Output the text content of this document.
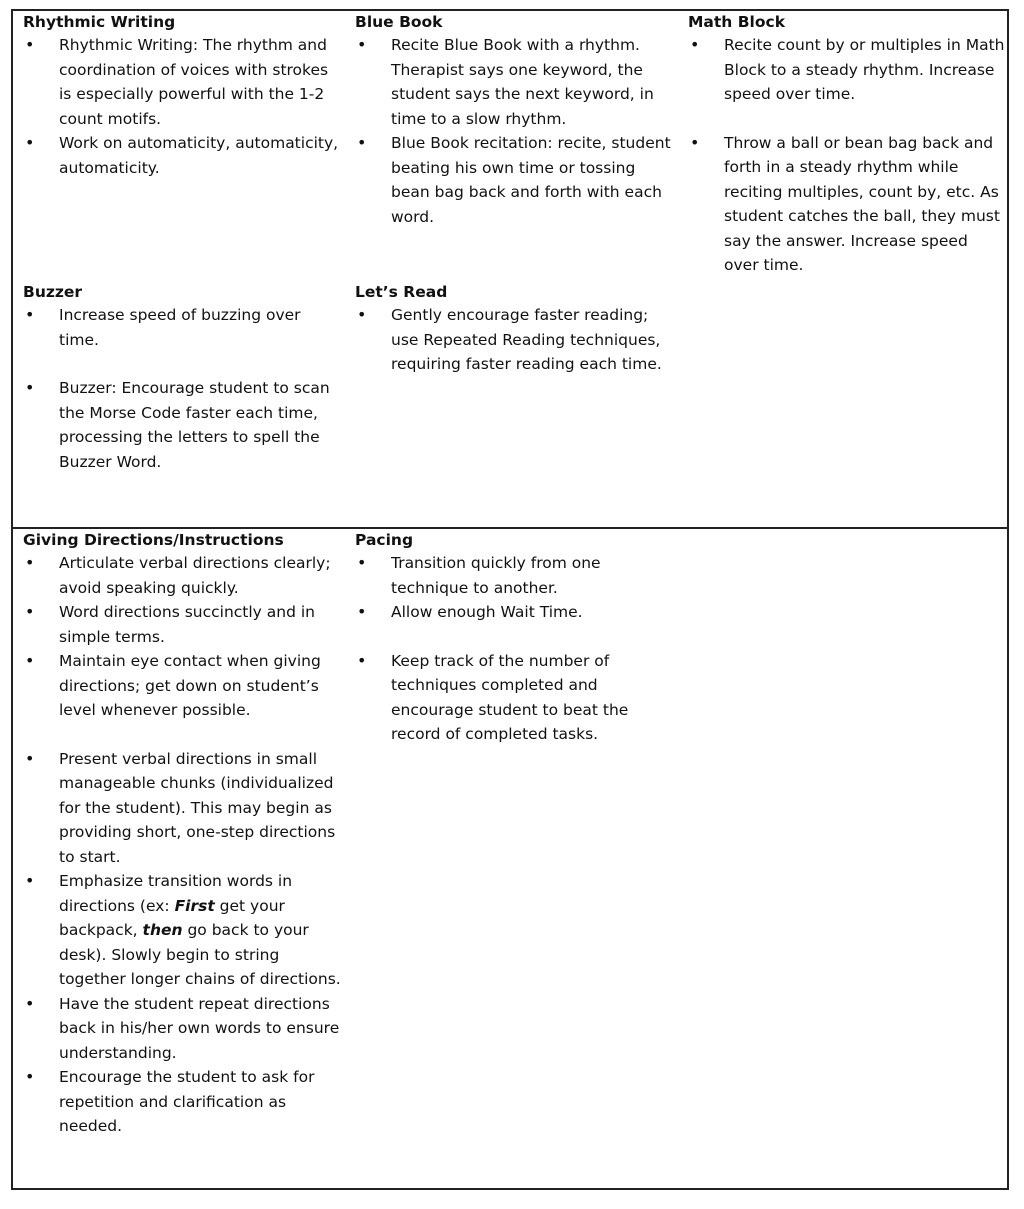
Rhythmic Writing
• Rhythmic Writing: The rhythm and coordination of voices with strokes is especially powerful with the 1-2 count motifs.
• Work on automaticity, automaticity, automaticity.
Blue Book
• Recite Blue Book with a rhythm. Therapist says one keyword, the student says the next keyword, in time to a slow rhythm.
• Blue Book recitation: recite, student beating his own time or tossing bean bag back and forth with each word.
Math Block
• Recite count by or multiples in Math Block to a steady rhythm. Increase speed over time.
• Throw a ball or bean bag back and forth in a steady rhythm while reciting multiples, count by, etc. As student catches the ball, they must say the answer. Increase speed over time.
Buzzer
• Increase speed of buzzing over time.
• Buzzer: Encourage student to scan the Morse Code faster each time, processing the letters to spell the Buzzer Word.
Let’s Read
• Gently encourage faster reading; use Repeated Reading techniques, requiring faster reading each time.
Giving Directions/Instructions
• Articulate verbal directions clearly; avoid speaking quickly.
• Word directions succinctly and in simple terms.
• Maintain eye contact when giving directions; get down on student’s level whenever possible.
• Present verbal directions in small manageable chunks (individualized for the student). This may begin as providing short, one-step directions to start.
• Emphasize transition words in directions (ex: First get your backpack, then go back to your desk). Slowly begin to string together longer chains of directions.
• Have the student repeat directions back in his/her own words to ensure understanding.
• Encourage the student to ask for repetition and clarification as needed.
Pacing
• Transition quickly from one technique to another.
• Allow enough Wait Time.
• Keep track of the number of techniques completed and encourage student to beat the record of completed tasks.
